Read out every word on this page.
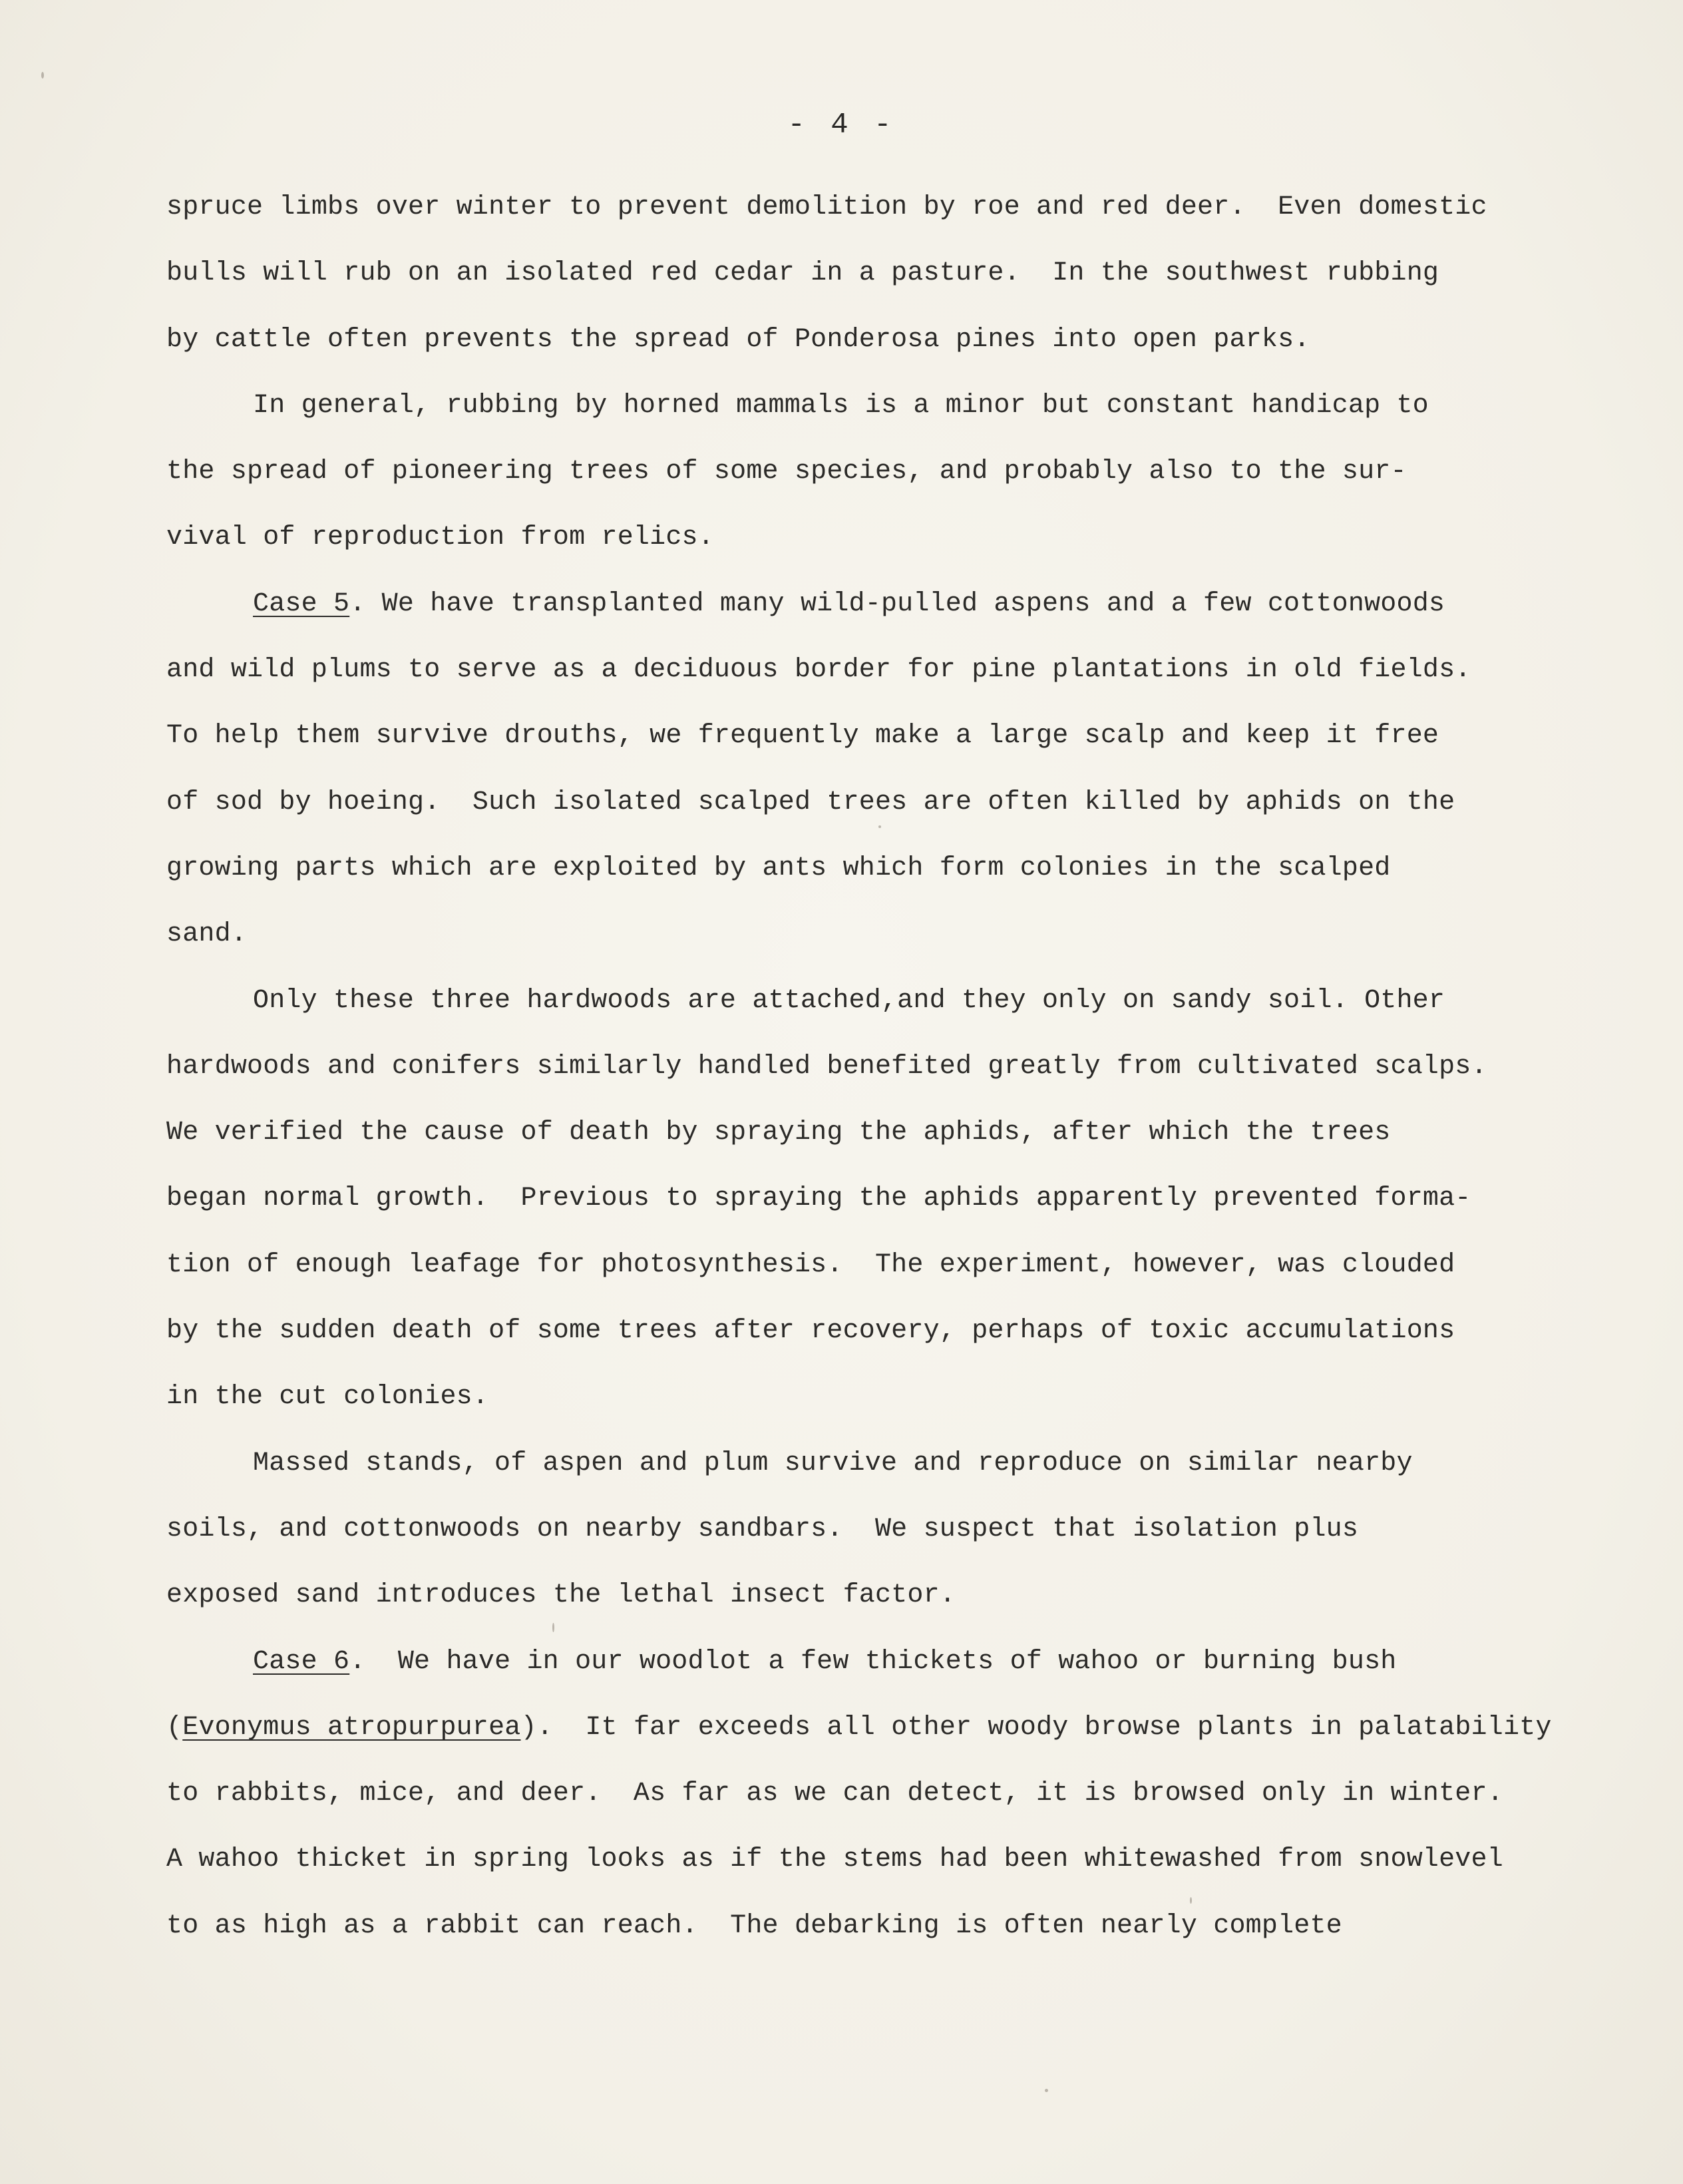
- 4 -
spruce limbs over winter to prevent demolition by roe and red deer.  Even domestic
bulls will rub on an isolated red cedar in a pasture.  In the southwest rubbing
by cattle often prevents the spread of Ponderosa pines into open parks.
In general, rubbing by horned mammals is a minor but constant handicap to
the spread of pioneering trees of some species, and probably also to the sur-
vival of reproduction from relics.
Case 5. We have transplanted many wild-pulled aspens and a few cottonwoods
and wild plums to serve as a deciduous border for pine plantations in old fields.
To help them survive drouths, we frequently make a large scalp and keep it free
of sod by hoeing.  Such isolated scalped trees are often killed by aphids on the
growing parts which are exploited by ants which form colonies in the scalped
sand.
Only these three hardwoods are attached,and they only on sandy soil. Other
hardwoods and conifers similarly handled benefited greatly from cultivated scalps.
We verified the cause of death by spraying the aphids, after which the trees
began normal growth.  Previous to spraying the aphids apparently prevented forma-
tion of enough leafage for photosynthesis.  The experiment, however, was clouded
by the sudden death of some trees after recovery, perhaps of toxic accumulations
in the cut colonies.
Massed stands, of aspen and plum survive and reproduce on similar nearby
soils, and cottonwoods on nearby sandbars.  We suspect that isolation plus
exposed sand introduces the lethal insect factor.
Case 6.  We have in our woodlot a few thickets of wahoo or burning bush
(Evonymus atropurpurea).  It far exceeds all other woody browse plants in palatability
to rabbits, mice, and deer.  As far as we can detect, it is browsed only in winter.
A wahoo thicket in spring looks as if the stems had been whitewashed from snowlevel
to as high as a rabbit can reach.  The debarking is often nearly complete
